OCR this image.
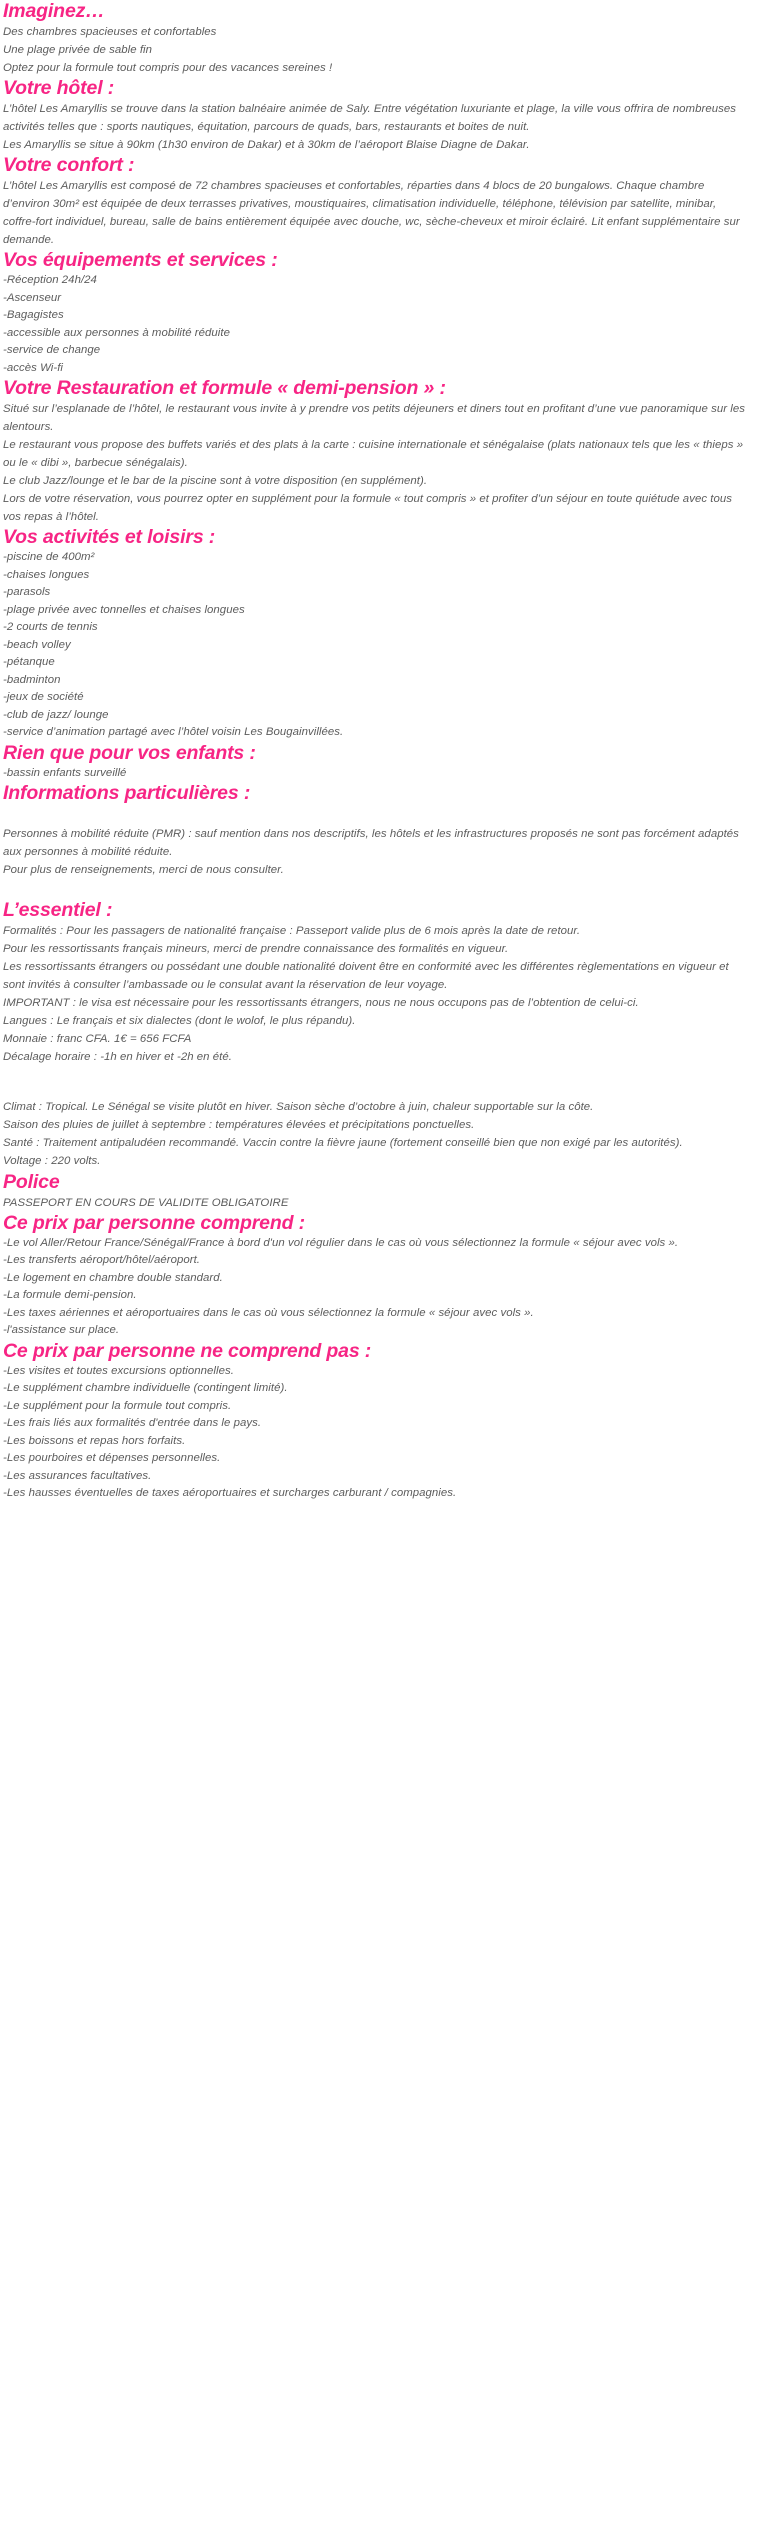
Imaginez…

Des chambres spacieuses et confortables

Une plage privée de sable fin

Optez pour la formule tout compris pour des vacances sereines !

Votre hôtel :

L’hôtel Les Amaryllis se trouve dans la station balnéaire animée de Saly. Entre végétation luxuriante et plage, la ville vous offrira de nombreuses activités telles que : sports nautiques, équitation, parcours de quads, bars, restaurants et boites de nuit.

Les Amaryllis se situe à 90km (1h30 environ de Dakar) et à 30km de l’aéroport Blaise Diagne de Dakar.

Votre confort :

L’hôtel Les Amaryllis est composé de 72 chambres spacieuses et confortables, réparties dans 4 blocs de 20 bungalows. Chaque chambre d’environ 30m² est équipée de deux terrasses privatives, moustiquaires, climatisation individuelle, téléphone, télévision par satellite, minibar, coffre-fort individuel, bureau, salle de bains entièrement équipée avec douche, wc, sèche-cheveux et miroir éclairé. Lit enfant supplémentaire sur demande.

Vos équipements et services :
-Réception 24h/24
-Ascenseur
-Bagagistes
-accessible aux personnes à mobilité réduite
-service de change
-accès Wi-fi
Votre Restauration et formule « demi-pension » :

Situé sur l’esplanade de l’hôtel, le restaurant vous invite à y prendre vos petits déjeuners et diners tout en profitant d’une vue panoramique sur les alentours.

Le restaurant vous propose des buffets variés et des plats à la carte : cuisine internationale et sénégalaise (plats nationaux tels que les « thieps » ou le « dibi », barbecue sénégalais).

Le club Jazz/lounge et le bar de la piscine sont à votre disposition (en supplément).

Lors de votre réservation, vous pourrez opter en supplément pour la formule « tout compris » et profiter d’un séjour en toute quiétude avec tous vos repas à l’hôtel.

Vos activités et loisirs :
-piscine de 400m²
-chaises longues
-parasols
-plage privée avec tonnelles et chaises longues
-2 courts de tennis
-beach volley
-pétanque
-badminton
-jeux de société
-club de jazz/ lounge
-service d’animation partagé avec l’hôtel voisin Les Bougainvillées.
Rien que pour vos enfants :
-bassin enfants surveillé
Informations particulières :

Personnes à mobilité réduite (PMR) : sauf mention dans nos descriptifs, les hôtels et les infrastructures proposés ne sont pas forcément adaptés aux personnes à mobilité réduite.

Pour plus de renseignements, merci de nous consulter.

L’essentiel :

Formalités : Pour les passagers de nationalité française : Passeport valide plus de 6 mois après la date de retour.

Pour les ressortissants français mineurs, merci de prendre connaissance des formalités en vigueur.

Les ressortissants étrangers ou possédant une double nationalité doivent être en conformité avec les différentes règlementations en vigueur et sont invités à consulter l’ambassade ou le consulat avant la réservation de leur voyage.

IMPORTANT : le visa est nécessaire pour les ressortissants étrangers, nous ne nous occupons pas de l’obtention de celui-ci.

Langues : Le français et six dialectes (dont le wolof, le plus répandu).

Monnaie : franc CFA. 1€ = 656 FCFA

Décalage horaire : -1h en hiver et -2h en été.

Climat : Tropical. Le Sénégal se visite plutôt en hiver. Saison sèche d’octobre à juin, chaleur supportable sur la côte.

Saison des pluies de juillet à septembre : températures élevées et précipitations ponctuelles.

Santé : Traitement antipaludéen recommandé. Vaccin contre la fièvre jaune (fortement conseillé bien que non exigé par les autorités).

Voltage : 220 volts.

Police

PASSEPORT EN COURS DE VALIDITE OBLIGATOIRE

Ce prix par personne comprend :
-Le vol Aller/Retour France/Sénégal/France à bord d'un vol régulier dans le cas où vous sélectionnez la formule « séjour avec vols ».
-Les transferts aéroport/hôtel/aéroport.
-Le logement en chambre double standard.
-La formule demi-pension.
-Les taxes aériennes et aéroportuaires dans le cas où vous sélectionnez la formule « séjour avec vols ».
-l'assistance sur place.
Ce prix par personne ne comprend pas :
-Les visites et toutes excursions optionnelles.
-Le supplément chambre individuelle (contingent limité).
-Le supplément pour la formule tout compris.
-Les frais liés aux formalités d'entrée dans le pays.
-Les boissons et repas hors forfaits.
-Les pourboires et dépenses personnelles.
-Les assurances facultatives.
-Les hausses éventuelles de taxes aéroportuaires et surcharges carburant / compagnies.
